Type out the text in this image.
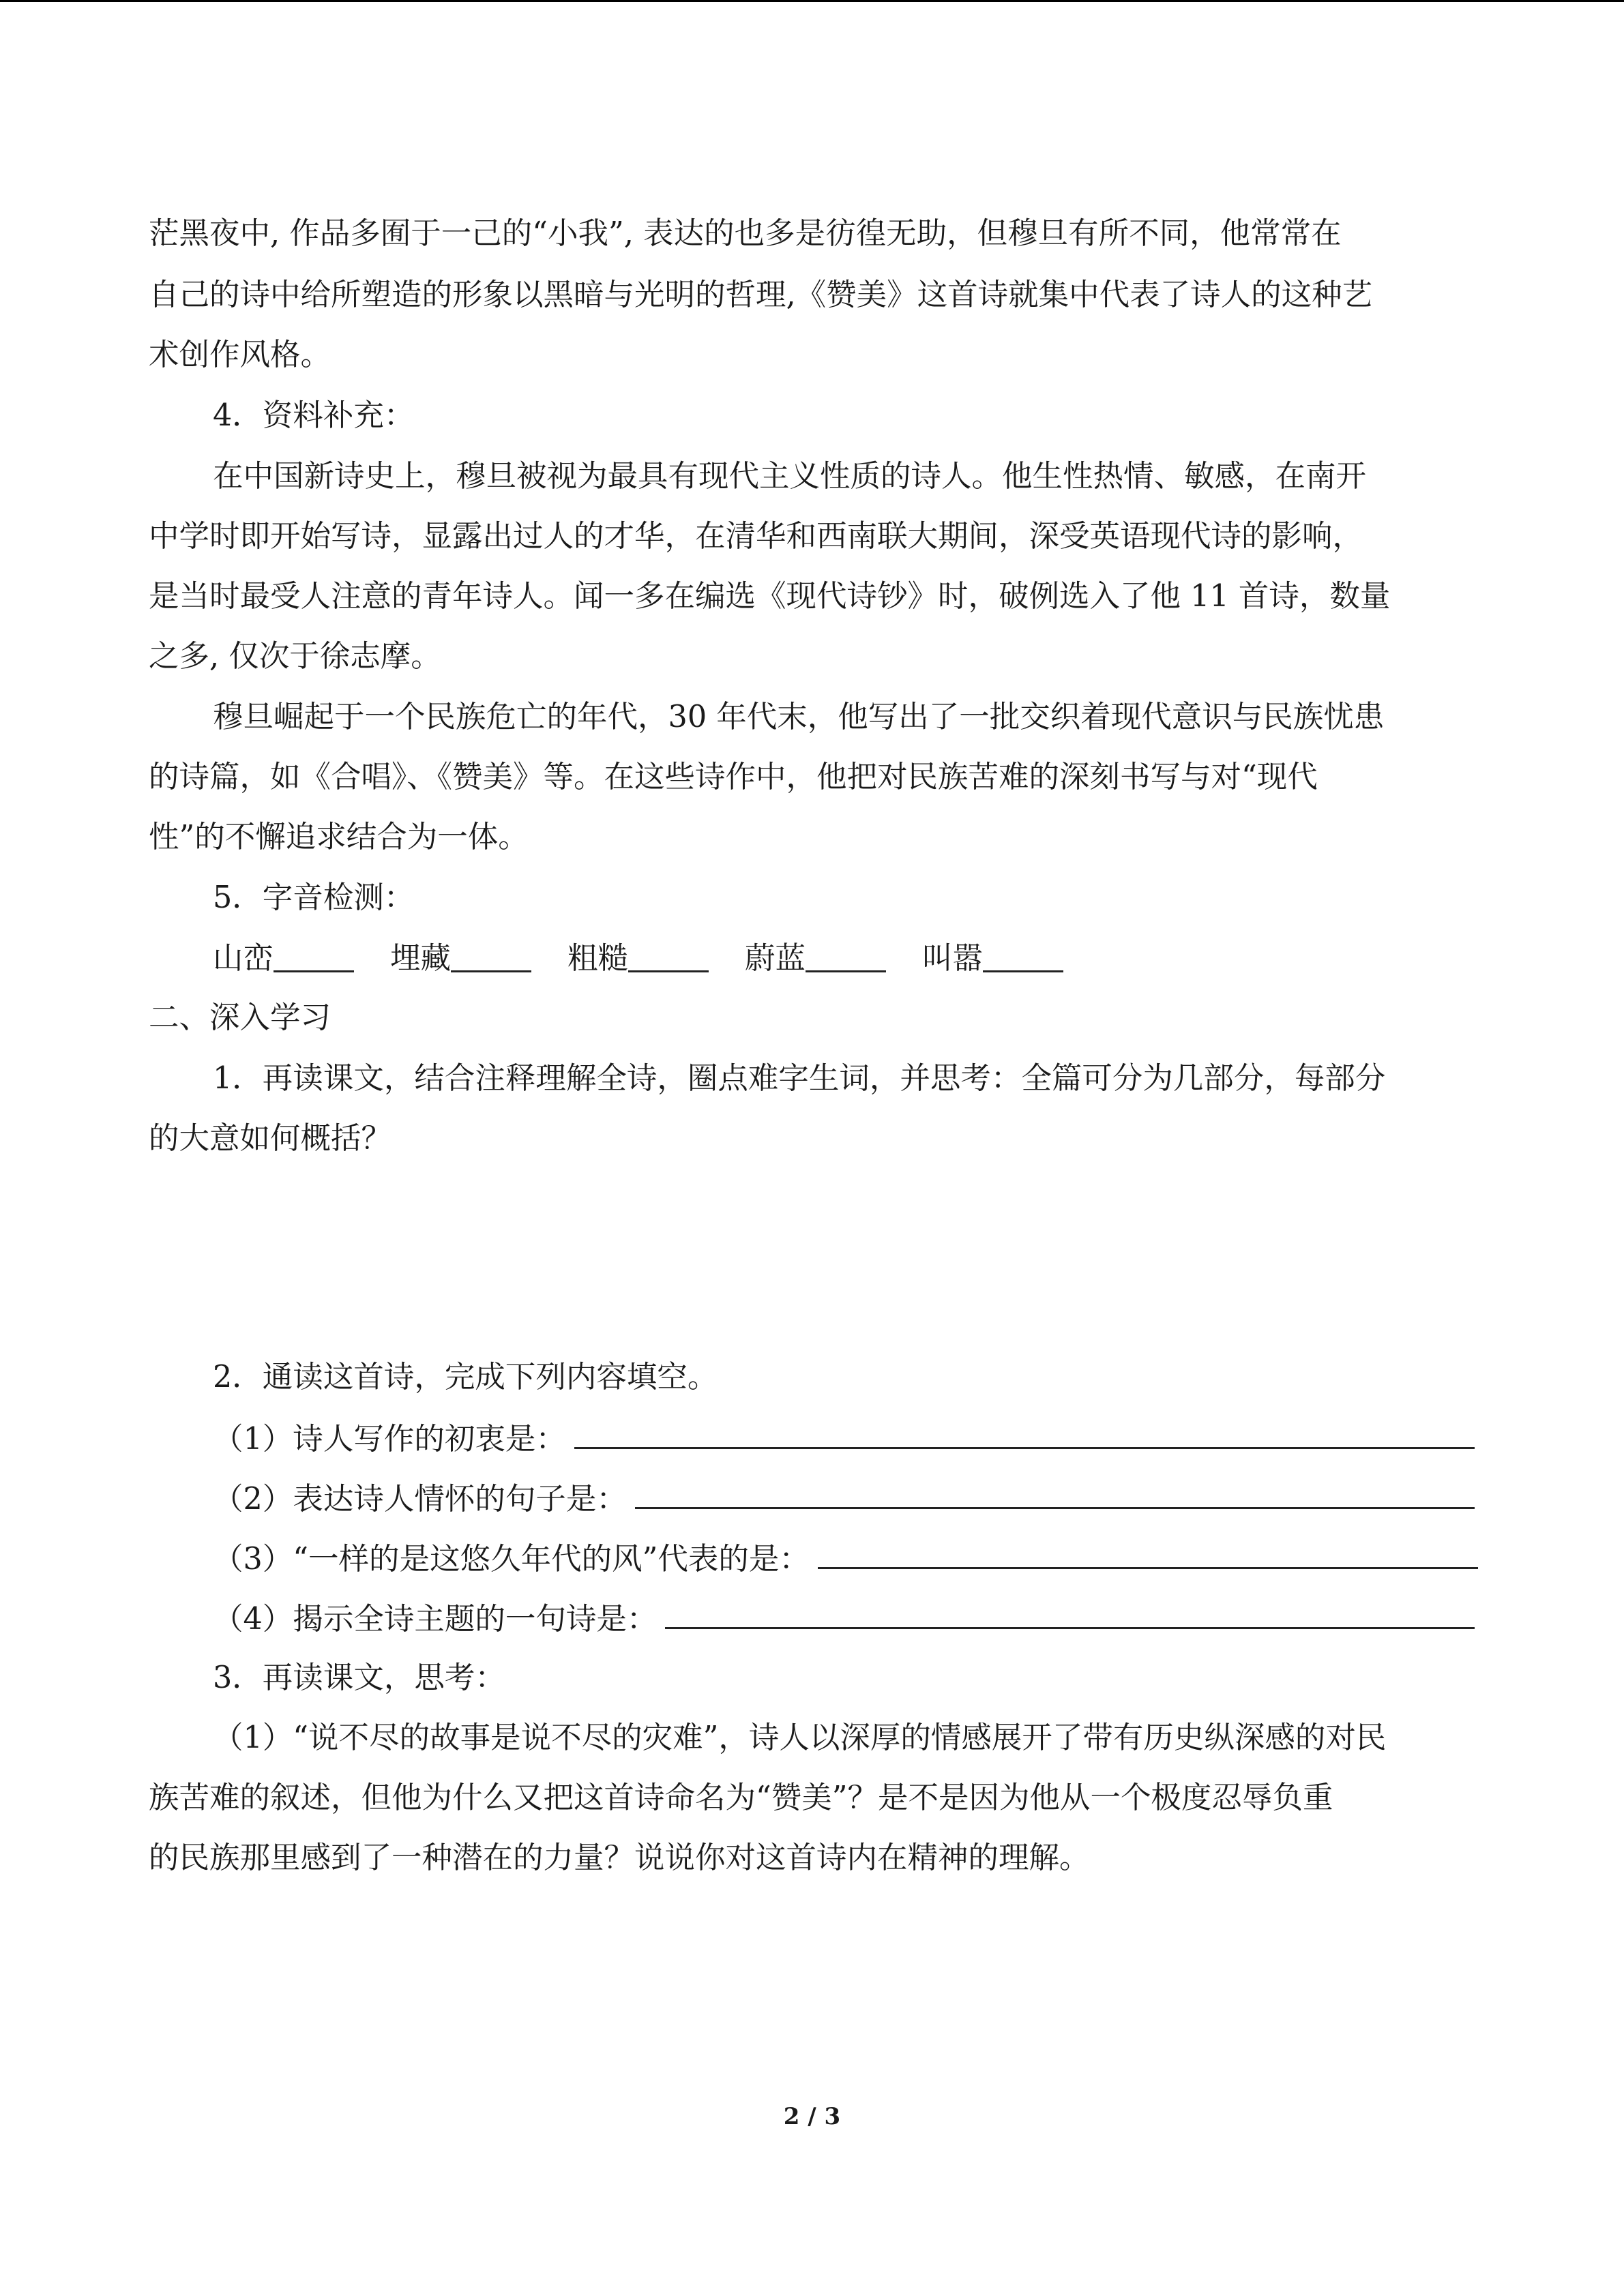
茫黑夜中, 作品多囿于一己的“小我”, 表达的也多是彷徨无助，但穆旦有所不同，他常常在
自己的诗中给所塑造的形象以黑暗与光明的哲理,《赞美》这首诗就集中代表了诗人的这种艺
术创作风格。
4．资料补充：
在中国新诗史上，穆旦被视为最具有现代主义性质的诗人。他生性热情、敏感，在南开
中学时即开始写诗，显露出过人的才华，在清华和西南联大期间，深受英语现代诗的影响，
是当时最受人注意的青年诗人。闻一多在编选《现代诗钞》时，破例选入了他 11 首诗，数量
之多, 仅次于徐志摩。
穆旦崛起于一个民族危亡的年代，30 年代末，他写出了一批交织着现代意识与民族忧患
的诗篇，如《合唱》、《赞美》等。在这些诗作中，他把对民族苦难的深刻书写与对“现代
性”的不懈追求结合为一体。
5．字音检测：
山峦	埋藏	粗糙	蔚蓝	叫嚣
二、深入学习
1．再读课文，结合注释理解全诗，圈点难字生词，并思考：全篇可分为几部分，每部分
的大意如何概括？
2．通读这首诗，完成下列内容填空。
（1）诗人写作的初衷是：
（2）表达诗人情怀的句子是：
（3）“一样的是这悠久年代的风”代表的是：
（4）揭示全诗主题的一句诗是：
3．再读课文，思考：
（1）“说不尽的故事是说不尽的灾难”，诗人以深厚的情感展开了带有历史纵深感的对民
族苦难的叙述，但他为什么又把这首诗命名为“赞美”？是不是因为他从一个极度忍辱负重
的民族那里感到了一种潜在的力量？说说你对这首诗内在精神的理解。
2 / 3
